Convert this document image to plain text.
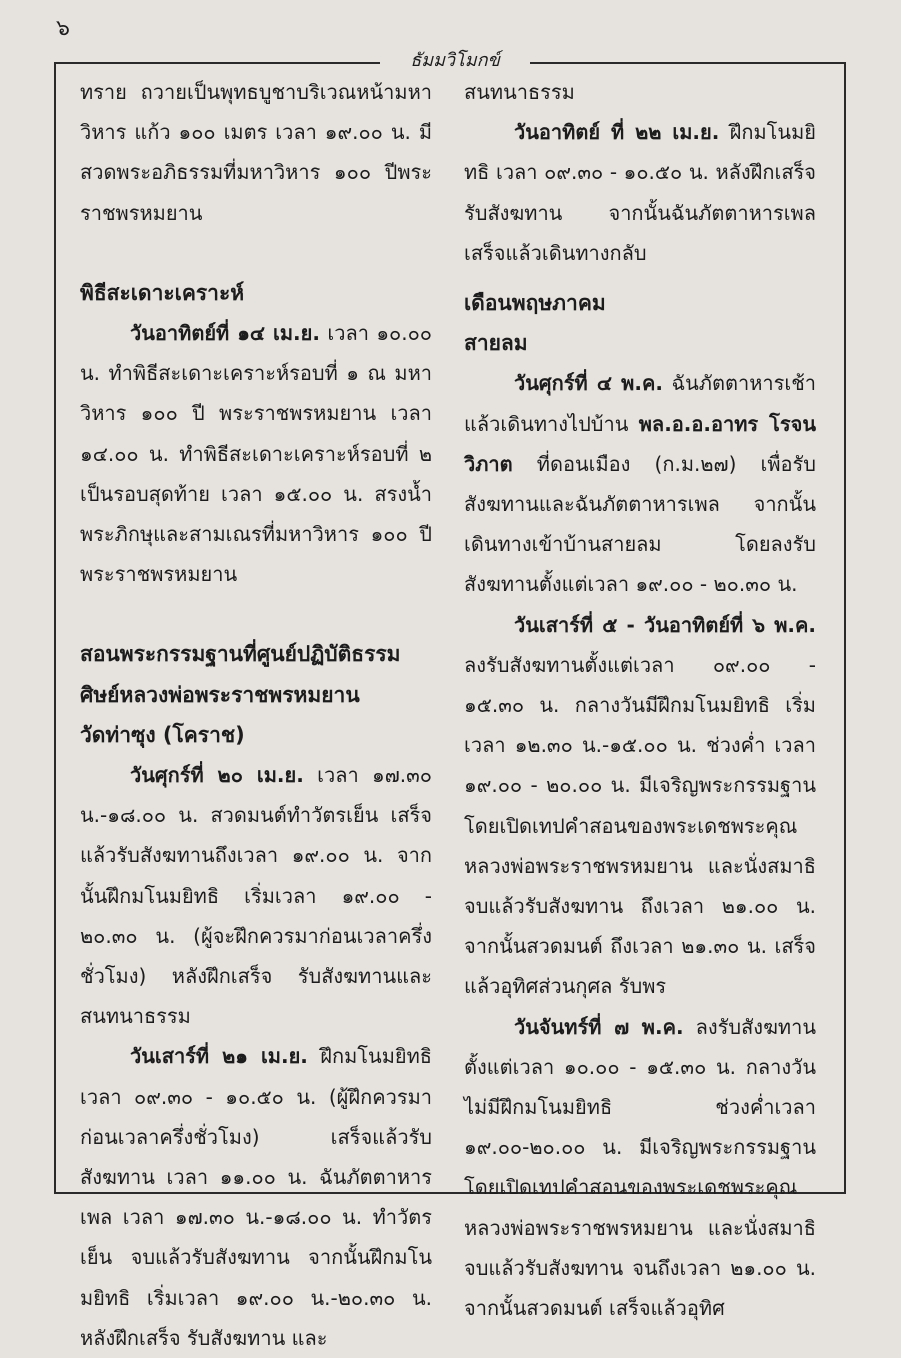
๖
ธัมมวิโมกข์

ทราย ถวายเป็นพุทธบูชาบริเวณหน้ามหาวิหาร แก้ว ๑๐๐ เมตร เวลา ๑๙.๐๐ น. มีสวดพระอภิธรรมที่มหาวิหาร ๑๐๐ ปีพระราชพรหมยาน

พิธีสะเดาะเคราะห์

วันอาทิตย์ที่ ๑๔ เม.ย. เวลา ๑๐.๐๐ น. ทำพิธีสะเดาะเคราะห์รอบที่ ๑ ณ มหาวิหาร ๑๐๐ ปี พระราชพรหมยาน เวลา ๑๔.๐๐ น. ทำพิธีสะเดาะเคราะห์รอบที่ ๒ เป็นรอบสุดท้าย เวลา ๑๕.๐๐ น. สรงน้ำพระภิกษุและสามเณรที่มหาวิหาร ๑๐๐ ปี พระราชพรหมยาน

สอนพระกรรมฐานที่ศูนย์ปฏิบัติธรรม

ศิษย์หลวงพ่อพระราชพรหมยาน

วัดท่าซุง (โคราช)

วันศุกร์ที่ ๒๐ เม.ย. เวลา ๑๗.๓๐ น.-๑๘.๐๐ น. สวดมนต์ทำวัตรเย็น เสร็จแล้วรับสังฆทานถึงเวลา ๑๙.๐๐ น. จากนั้นฝึกมโนมยิทธิ เริ่มเวลา ๑๙.๐๐ - ๒๐.๓๐ น. (ผู้จะฝึกควรมาก่อนเวลาครึ่งชั่วโมง) หลังฝึกเสร็จ รับสังฆทานและสนทนาธรรม

วันเสาร์ที่ ๒๑ เม.ย. ฝึกมโนมยิทธิ เวลา ๐๙.๓๐ - ๑๐.๕๐ น. (ผู้ฝึกควรมาก่อนเวลาครึ่งชั่วโมง) เสร็จแล้วรับสังฆทาน เวลา ๑๑.๐๐ น. ฉันภัตตาหารเพล เวลา ๑๗.๓๐ น.-๑๘.๐๐ น. ทำวัตรเย็น จบแล้วรับสังฆทาน จากนั้นฝึกมโนมยิทธิ เริ่มเวลา ๑๙.๐๐ น.-๒๐.๓๐ น. หลังฝึกเสร็จ รับสังฆทาน และ

สนทนาธรรม

วันอาทิตย์ ที่ ๒๒ เม.ย. ฝึกมโนมยิทธิ เวลา ๐๙.๓๐ - ๑๐.๕๐ น. หลังฝึกเสร็จรับสังฆทาน จากนั้นฉันภัตตาหารเพล เสร็จแล้วเดินทางกลับ

เดือนพฤษภาคม

สายลม

วันศุกร์ที่ ๔ พ.ค. ฉันภัตตาหารเช้าแล้วเดินทางไปบ้าน พล.อ.อ.อาทร โรจนวิภาต ที่ดอนเมือง (ก.ม.๒๗) เพื่อรับสังฆทานและฉันภัตตาหารเพล จากนั้นเดินทางเข้าบ้านสายลม โดยลงรับสังฆทานตั้งแต่เวลา ๑๙.๐๐ - ๒๐.๓๐ น.

วันเสาร์ที่ ๕ - วันอาทิตย์ที่ ๖ พ.ค. ลงรับสังฆทานตั้งแต่เวลา ๐๙.๐๐ - ๑๕.๓๐ น. กลางวันมีฝึกมโนมยิทธิ เริ่มเวลา ๑๒.๓๐ น.-๑๕.๐๐ น. ช่วงค่ำ เวลา ๑๙.๐๐ - ๒๐.๐๐ น. มีเจริญพระกรรมฐาน โดยเปิดเทปคำสอนของพระเดชพระคุณหลวงพ่อพระราชพรหมยาน และนั่งสมาธิ จบแล้วรับสังฆทาน ถึงเวลา ๒๑.๐๐ น. จากนั้นสวดมนต์ ถึงเวลา ๒๑.๓๐ น. เสร็จแล้วอุทิศส่วนกุศล รับพร

วันจันทร์ที่ ๗ พ.ค. ลงรับสังฆทานตั้งแต่เวลา ๑๐.๐๐ - ๑๕.๓๐ น. กลางวันไม่มีฝึกมโนมยิทธิ ช่วงค่ำเวลา ๑๙.๐๐-๒๐.๐๐ น. มีเจริญพระกรรมฐาน โดยเปิดเทปคำสอนของพระเดชพระคุณหลวงพ่อพระราชพรหมยาน และนั่งสมาธิ จบแล้วรับสังฆทาน จนถึงเวลา ๒๑.๐๐ น. จากนั้นสวดมนต์ เสร็จแล้วอุทิศ
